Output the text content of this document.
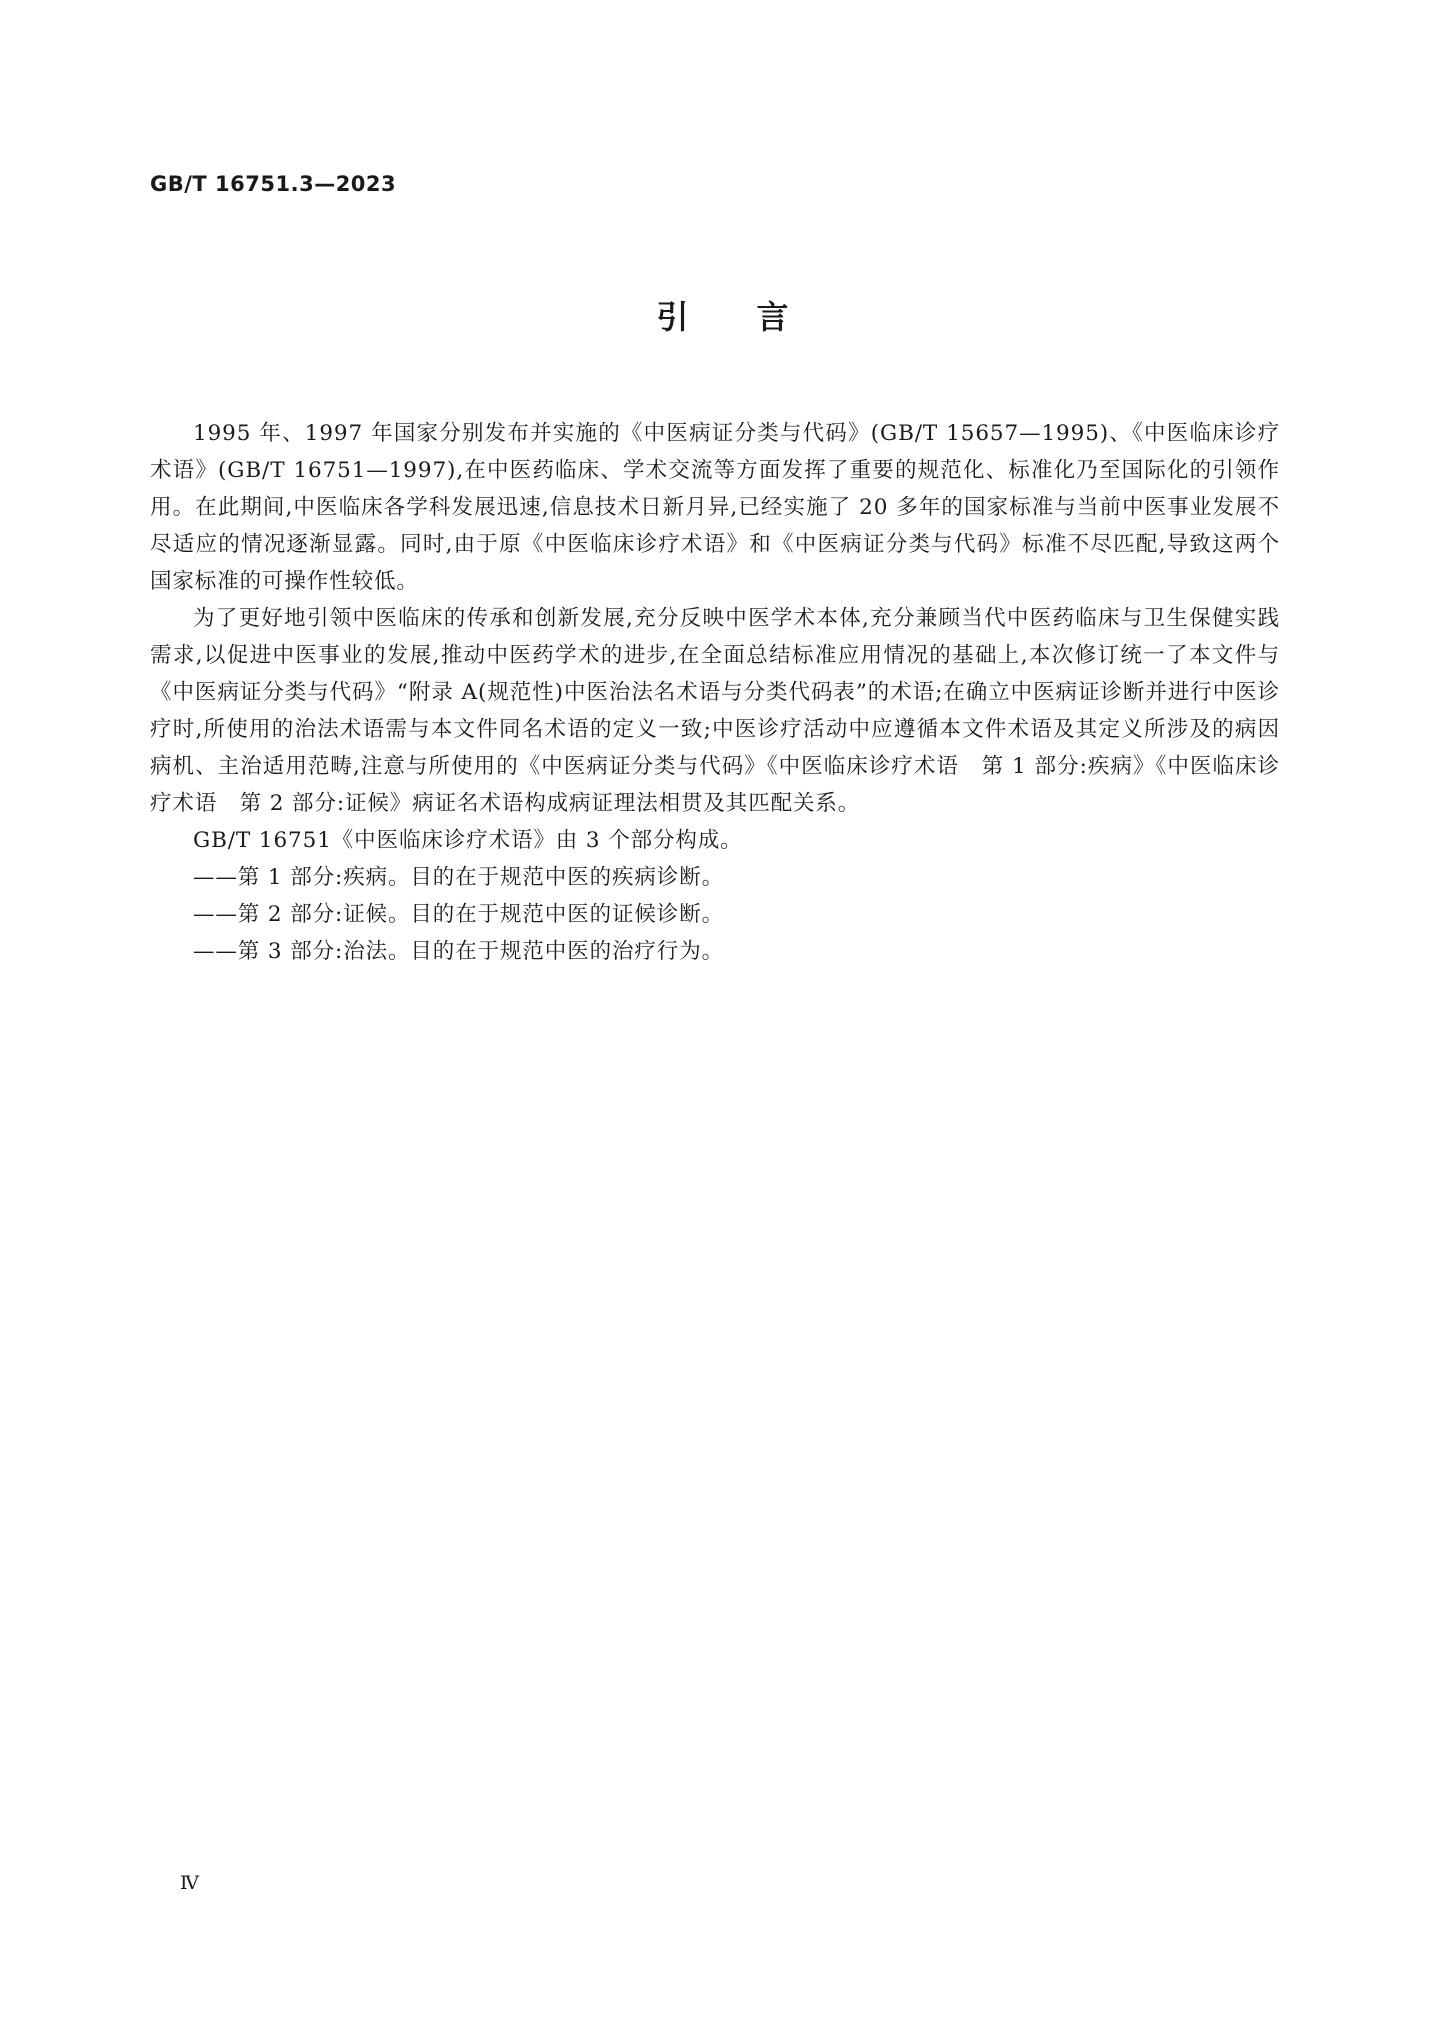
GB/T 16751.3—2023
引 言

1995 年、1997 年国家分别发布并实施的《中医病证分类与代码》(GB/T 15657—1995)、《中医临床诊疗术语》(GB/T 16751—1997),在中医药临床、学术交流等方面发挥了重要的规范化、标准化乃至国际化的引领作用。在此期间,中医临床各学科发展迅速,信息技术日新月异,已经实施了 20 多年的国家标准与当前中医事业发展不尽适应的情况逐渐显露。同时,由于原《中医临床诊疗术语》和《中医病证分类与代码》标准不尽匹配,导致这两个国家标准的可操作性较低。

为了更好地引领中医临床的传承和创新发展,充分反映中医学术本体,充分兼顾当代中医药临床与卫生保健实践需求,以促进中医事业的发展,推动中医药学术的进步,在全面总结标准应用情况的基础上,本次修订统一了本文件与《中医病证分类与代码》“附录 A(规范性)中医治法名术语与分类代码表”的术语;在确立中医病证诊断并进行中医诊疗时,所使用的治法术语需与本文件同名术语的定义一致;中医诊疗活动中应遵循本文件术语及其定义所涉及的病因病机、主治适用范畴,注意与所使用的《中医病证分类与代码》《中医临床诊疗术语　第 1 部分:疾病》《中医临床诊疗术语　第 2 部分:证候》病证名术语构成病证理法相贯及其匹配关系。

GB/T 16751《中医临床诊疗术语》由 3 个部分构成。

——第 1 部分:疾病。目的在于规范中医的疾病诊断。

——第 2 部分:证候。目的在于规范中医的证候诊断。

——第 3 部分:治法。目的在于规范中医的治疗行为。

Ⅳ
